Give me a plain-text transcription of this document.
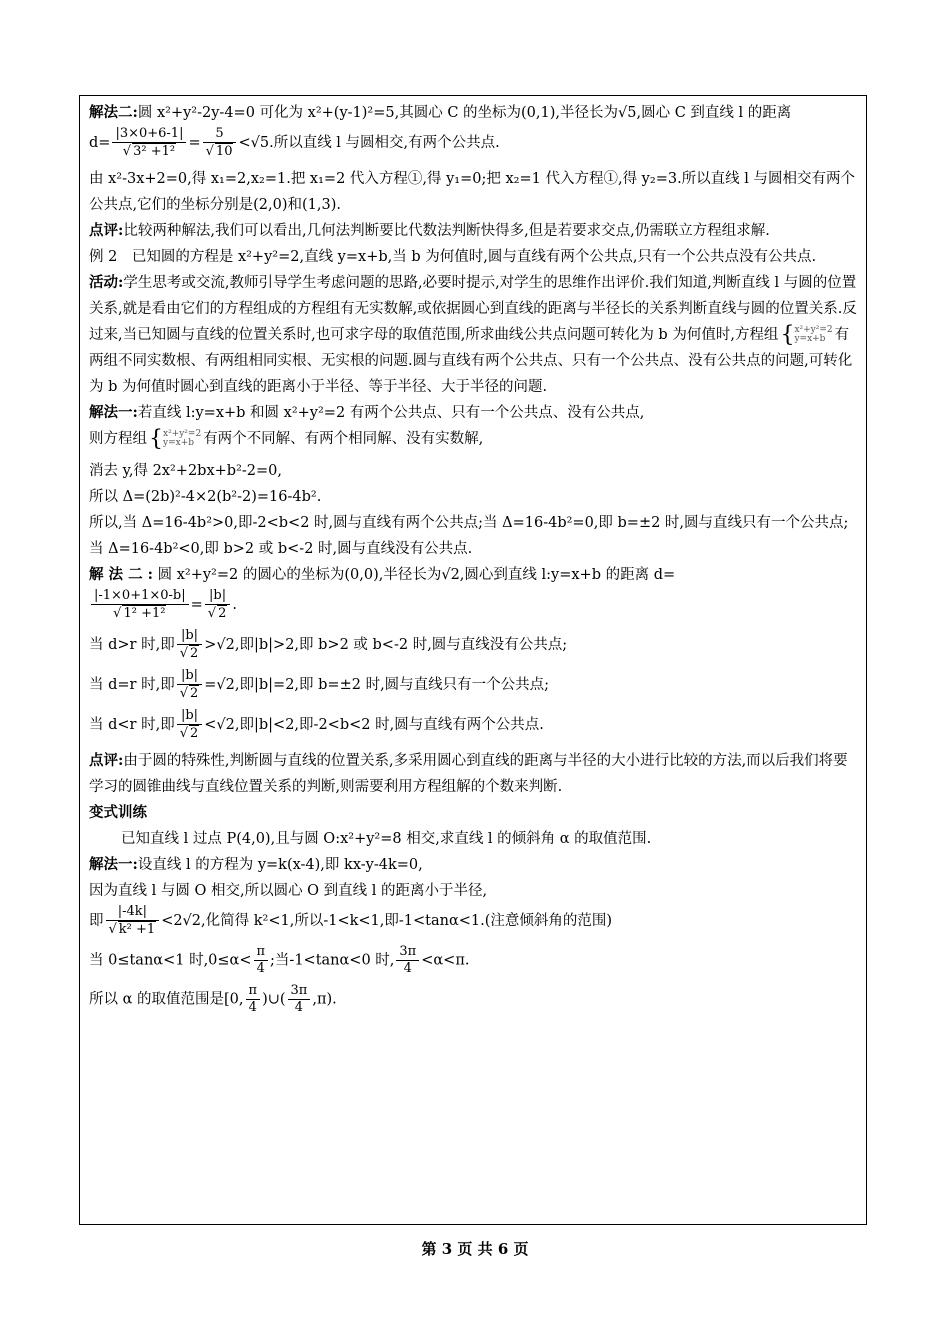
解法二:圆 x²+y²-2y-4=0 可化为 x²+(y-1)²=5,其圆心 C 的坐标为(0,1),半径长为√5,圆心 C 到直线 l 的距离

$d= \frac{|3\times 0+6-1|}{\text{√ 3² +1²}} = \frac{5}{√ 10} <√5$.所以直线 l 与圆相交,有两个公共点.

由 x²-3x+2=0,得 x₁=2,x₂=1.把 x₁=2 代入方程①,得 y₁=0;把 x₂=1 代入方程①,得 y₂=3.所以直线 l 与圆相交有两个公共点,它们的坐标分别是(2,0)和(1,3).

点评:比较两种解法,我们可以看出,几何法判断要比代数法判断快得多,但是若要求交点,仍需联立方程组求解.

例 2　已知圆的方程是 x²+y²=2,直线 y=x+b,当 b 为何值时,圆与直线有两个公共点,只有一个公共点没有公共点.

活动:学生思考或交流,教师引导学生考虑问题的思路,必要时提示,对学生的思维作出评价.我们知道,判断直线 l 与圆的位置关系,就是看由它们的方程组成的方程组有无实数解,或依据圆心到直线的距离与半径长的关系判断直线与圆的位置关系.反过来,当已知圆与直线的位置关系时,也可求字母的取值范围,所求曲线公共点问题可转化为 b 为何值时,方程组{x²+y²=2
y=x+b 有两组不同实数根、有两组相同实根、无实根的问题.圆与直线有两个公共点、只有一个公共点、没有公共点的问题,可转化为 b 为何值时圆心到直线的距离小于半径、等于半径、大于半径的问题.

解法一:若直线 l:y=x+b 和圆 x²+y²=2 有两个公共点、只有一个公共点、没有公共点,

则方程组{x²+y²=2
y=x+b 有两个不同解、有两个相同解、没有实数解,

消去 y,得 2x²+2bx+b²-2=0,

所以 Δ=(2b)²-4×2(b²-2)=16-4b².

所以,当 Δ=16-4b²>0,即-2<b<2 时,圆与直线有两个公共点;当 Δ=16-4b²=0,即 b=±2 时,圆与直线只有一个公共点;当 Δ=16-4b²<0,即 b>2 或 b<-2 时,圆与直线没有公共点.

解 法 二 : 圆 x²+y²=2 的圆心的坐标为(0,0),半径长为√2,圆心到直线 l:y=x+b 的距离 d=

$\frac{|-1\times 0+1\times 0-b|}{\text{√ 1² +1²}} = \frac{|b|}{√ 2}$ .

当 d>r 时,即 $\frac{|b|}{√ 2} >√2$,即|b|>2,即 b>2 或 b<-2 时,圆与直线没有公共点;

当 d=r 时,即 $\frac{|b|}{√ 2} =√2$,即|b|=2,即 b=±2 时,圆与直线只有一个公共点;

当 d<r 时,即 $\frac{|b|}{√ 2} <√2$,即|b|<2,即-2<b<2 时,圆与直线有两个公共点.

点评:由于圆的特殊性,判断圆与直线的位置关系,多采用圆心到直线的距离与半径的大小进行比较的方法,而以后我们将要学习的圆锥曲线与直线位置关系的判断,则需要利用方程组解的个数来判断.

变式训练

已知直线 l 过点 P(4,0),且与圆 O:x²+y²=8 相交,求直线 l 的倾斜角 α 的取值范围.

解法一:设直线 l 的方程为 y=k(x-4),即 kx-y-4k=0,

因为直线 l 与圆 O 相交,所以圆心 O 到直线 l 的距离小于半径,

即 $\frac{|-4k|}{\text{√ k² +1}} <2√2$,化简得 k²<1,所以-1<k<1,即-1<tanα<1.(注意倾斜角的范围)

当 0≤tanα<1 时$,0\le\alpha< \frac{\pi}{4}$ ;当-1<tanα<0 时, $\frac{3\pi}{4} <\alpha<\pi$.

所以 α 的取值范围是[0, $\frac{\pi}{4}$ )∪( $\frac{3\pi}{4} ,\pi$).

第 3 页 共 6 页
